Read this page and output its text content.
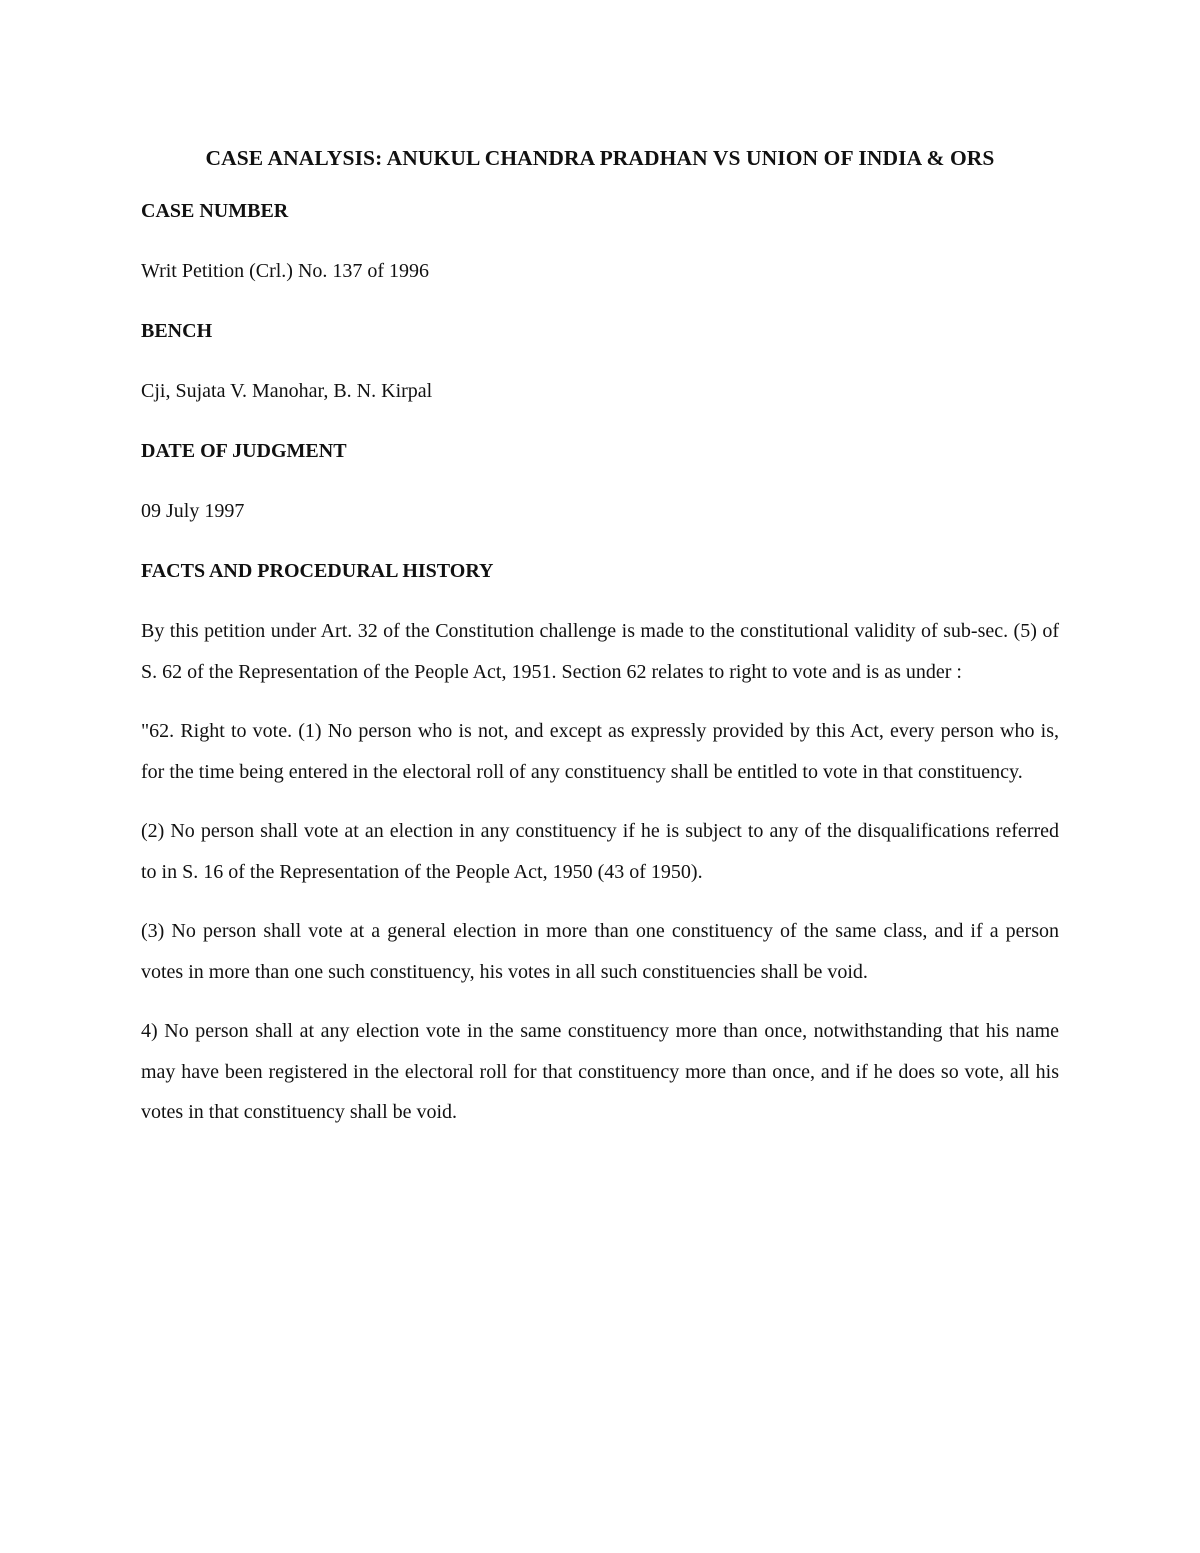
CASE ANALYSIS: ANUKUL CHANDRA PRADHAN VS UNION OF INDIA & ORS
CASE NUMBER
Writ Petition (Crl.) No. 137 of 1996
BENCH
Cji, Sujata V. Manohar, B. N. Kirpal
DATE OF JUDGMENT
09 July 1997
FACTS AND PROCEDURAL HISTORY

By this petition under Art. 32 of the Constitution challenge is made to the constitutional validity of sub-sec. (5) of S. 62 of the Representation of the People Act, 1951. Section 62 relates to right to vote and is as under :

"62. Right to vote. (1) No person who is not, and except as expressly provided by this Act, every person who is, for the time being entered in the electoral roll of any constituency shall be entitled to vote in that constituency.

(2) No person shall vote at an election in any constituency if he is subject to any of the disqualifications referred to in S. 16 of the Representation of the People Act, 1950 (43 of 1950).

(3) No person shall vote at a general election in more than one constituency of the same class, and if a person votes in more than one such constituency, his votes in all such constituencies shall be void.

4) No person shall at any election vote in the same constituency more than once, notwithstanding that his name may have been registered in the electoral roll for that constituency more than once, and if he does so vote, all his votes in that constituency shall be void.
